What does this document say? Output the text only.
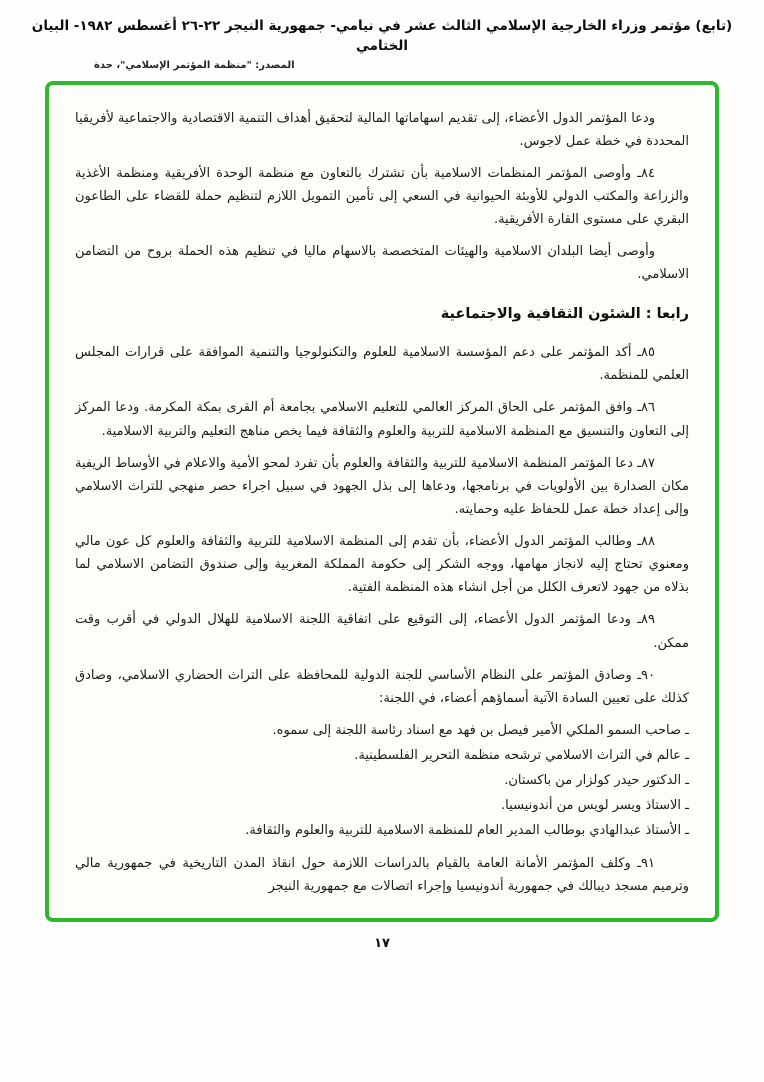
(تابع) مؤتمر وزراء الخارجية الإسلامي الثالث عشر في نيامي- جمهورية النيجر ٢٢-٢٦ أغسطس ١٩٨٢- البيان الختامي
المصدر: "منظمة المؤتمر الإسلامي"، جدة

ودعا المؤتمر الدول الأعضاء، إلى تقديم اسهاماتها المالية لتحقيق أهداف التنمية الاقتصادية والاجتماعية لأفريقيا المحددة في خطة عمل لاجوس.

٨٤ـ وأوصى المؤتمر المنظمات الاسلامية بأن تشترك بالتعاون مع منظمة الوحدة الأفريقية ومنظمة الأغذية والزراعة والمكتب الدولي للأوبئة الحيوانية في السعي إلى تأمين التمويل اللازم لتنظيم حملة للقضاء على الطاعون البقري على مستوى القارة الأفريقية.

وأوصى أيضا البلدان الاسلامية والهيئات المتخصصة بالاسهام ماليا في تنظيم هذه الحملة بروح من التضامن الاسلامي.

رابعا : الشئون الثقافية والاجتماعية

٨٥ـ أكد المؤتمر على دعم المؤسسة الاسلامية للعلوم والتكنولوجيا والتنمية الموافقة على قرارات المجلس العلمي للمنظمة.

٨٦ـ وافق المؤتمر على الحاق المركز العالمي للتعليم الاسلامي بجامعة أم القرى بمكة المكرمة. ودعا المركز إلى التعاون والتنسيق مع المنظمة الاسلامية للتربية والعلوم والثقافة فيما يخص مناهج التعليم والتربية الاسلامية.

٨٧ـ دعا المؤتمر المنظمة الاسلامية للتربية والثقافة والعلوم بأن تفرد لمحو الأمية والاعلام في الأوساط الريفية مكان الصدارة بين الأولويات في برنامجها، ودعاها إلى بذل الجهود في سبيل اجراء حصر منهجي للتراث الاسلامي وإلى إعداد خطة عمل للحفاظ عليه وحمايته.

٨٨ـ وطالب المؤتمر الدول الأعضاء، بأن تقدم إلى المنظمة الاسلامية للتربية والثقافة والعلوم كل عون مالي ومعنوي تحتاج إليه لانجاز مهامها، ووجه الشكر إلى حكومة المملكة المغربية وإلى صندوق التضامن الاسلامي لما بذلاه من جهود لاتعرف الكلل من أجل انشاء هذه المنظمة الفتية.

٨٩ـ ودعا المؤتمر الدول الأعضاء، إلى التوقيع على اتفاقية اللجنة الاسلامية للهلال الدولي في أقرب وقت ممكن.

٩٠ـ وصادق المؤتمر على النظام الأساسي للجنة الدولية للمحافظة على التراث الحضاري الاسلامي، وصادق كذلك على تعيين السادة الآتية أسماؤهم أعضاء، في اللجنة:

ـ صاحب السمو الملكي الأمير فيصل بن فهد مع اسناد رئاسة اللجنة إلى سموه.
ـ عالم في التراث الاسلامي ترشحه منظمة التحرير الفلسطينية.
ـ الدكتور حيدر كولزار من باكستان.
ـ الاستاذ ويسر لويس من أندونيسيا.
ـ الأستاذ عبدالهادي بوطالب المدير العام للمنظمة الاسلامية للتربية والعلوم والثقافة.

٩١ـ وكلف المؤتمر الأمانة العامة بالقيام بالدراسات اللازمة حول انقاذ المدن التاريخية في جمهورية مالي وترميم مسجد ديبالك في جمهورية أندونيسيا وإجراء اتصالات مع جمهورية النيجر

١٧
